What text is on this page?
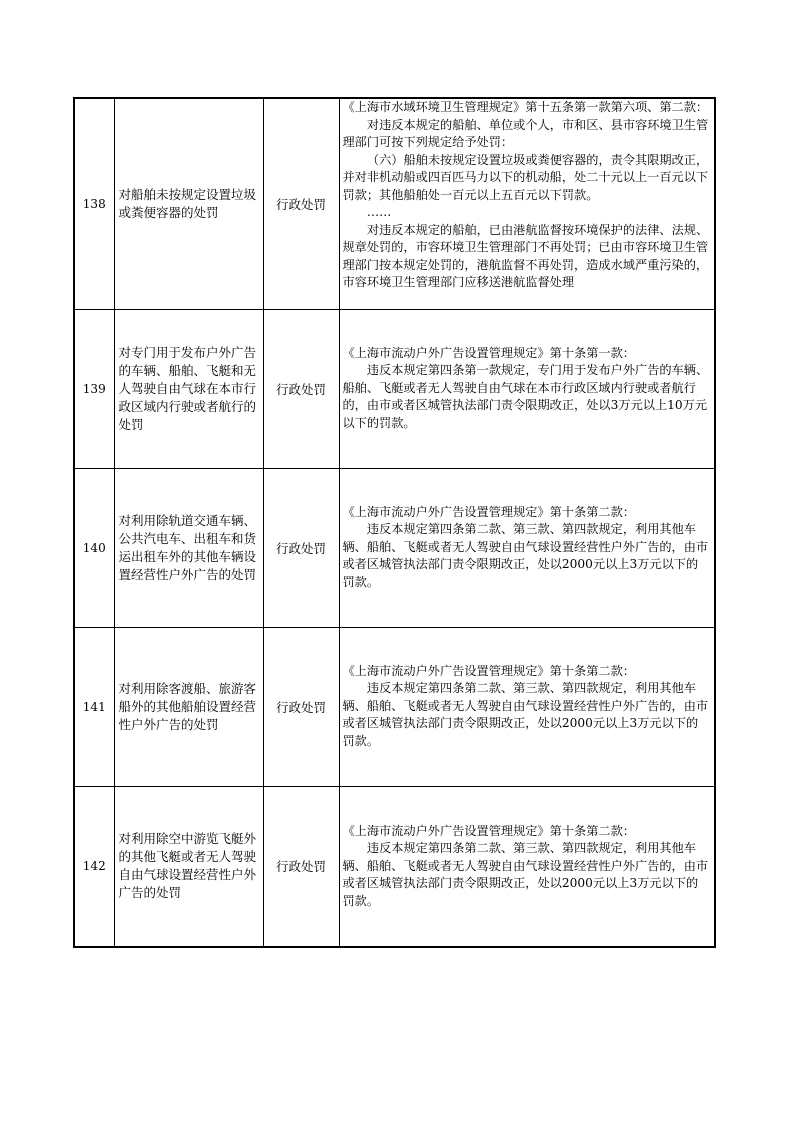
138	对船舶未按规定设置垃圾或粪便容器的处罚	行政处罚	《上海市水域环境卫生管理规定》第十五条第一款第六项、第二款：

对违反本规定的船舶、单位或个人，市和区、县市容环境卫生管理部门可按下列规定给予处罚：

（六）船舶未按规定设置垃圾或粪便容器的，责令其限期改正，并对非机动船或四百匹马力以下的机动船，处二十元以上一百元以下罚款；其他船舶处一百元以上五百元以下罚款。

……

对违反本规定的船舶，已由港航监督按环境保护的法律、法规、规章处罚的，市容环境卫生管理部门不再处罚；已由市容环境卫生管理部门按本规定处罚的，港航监督不再处罚，造成水域严重污染的，市容环境卫生管理部门应移送港航监督处理

139	对专门用于发布户外广告的车辆、船舶、飞艇和无人驾驶自由气球在本市行政区域内行驶或者航行的处罚	行政处罚	《上海市流动户外广告设置管理规定》第十条第一款：

违反本规定第四条第一款规定，专门用于发布户外广告的车辆、船舶、飞艇或者无人驾驶自由气球在本市行政区域内行驶或者航行的，由市或者区城管执法部门责令限期改正，处以3万元以上10万元以下的罚款。

140	对利用除轨道交通车辆、公共汽电车、出租车和货运出租车外的其他车辆设置经营性户外广告的处罚	行政处罚	《上海市流动户外广告设置管理规定》第十条第二款：

违反本规定第四条第二款、第三款、第四款规定，利用其他车辆、船舶、飞艇或者无人驾驶自由气球设置经营性户外广告的，由市或者区城管执法部门责令限期改正，处以2000元以上3万元以下的罚款。

141	对利用除客渡船、旅游客船外的其他船舶设置经营性户外广告的处罚	行政处罚	《上海市流动户外广告设置管理规定》第十条第二款：

违反本规定第四条第二款、第三款、第四款规定，利用其他车辆、船舶、飞艇或者无人驾驶自由气球设置经营性户外广告的，由市或者区城管执法部门责令限期改正，处以2000元以上3万元以下的罚款。

142	对利用除空中游览飞艇外的其他飞艇或者无人驾驶自由气球设置经营性户外广告的处罚	行政处罚	《上海市流动户外广告设置管理规定》第十条第二款：

违反本规定第四条第二款、第三款、第四款规定，利用其他车辆、船舶、飞艇或者无人驾驶自由气球设置经营性户外广告的，由市或者区城管执法部门责令限期改正，处以2000元以上3万元以下的罚款。
